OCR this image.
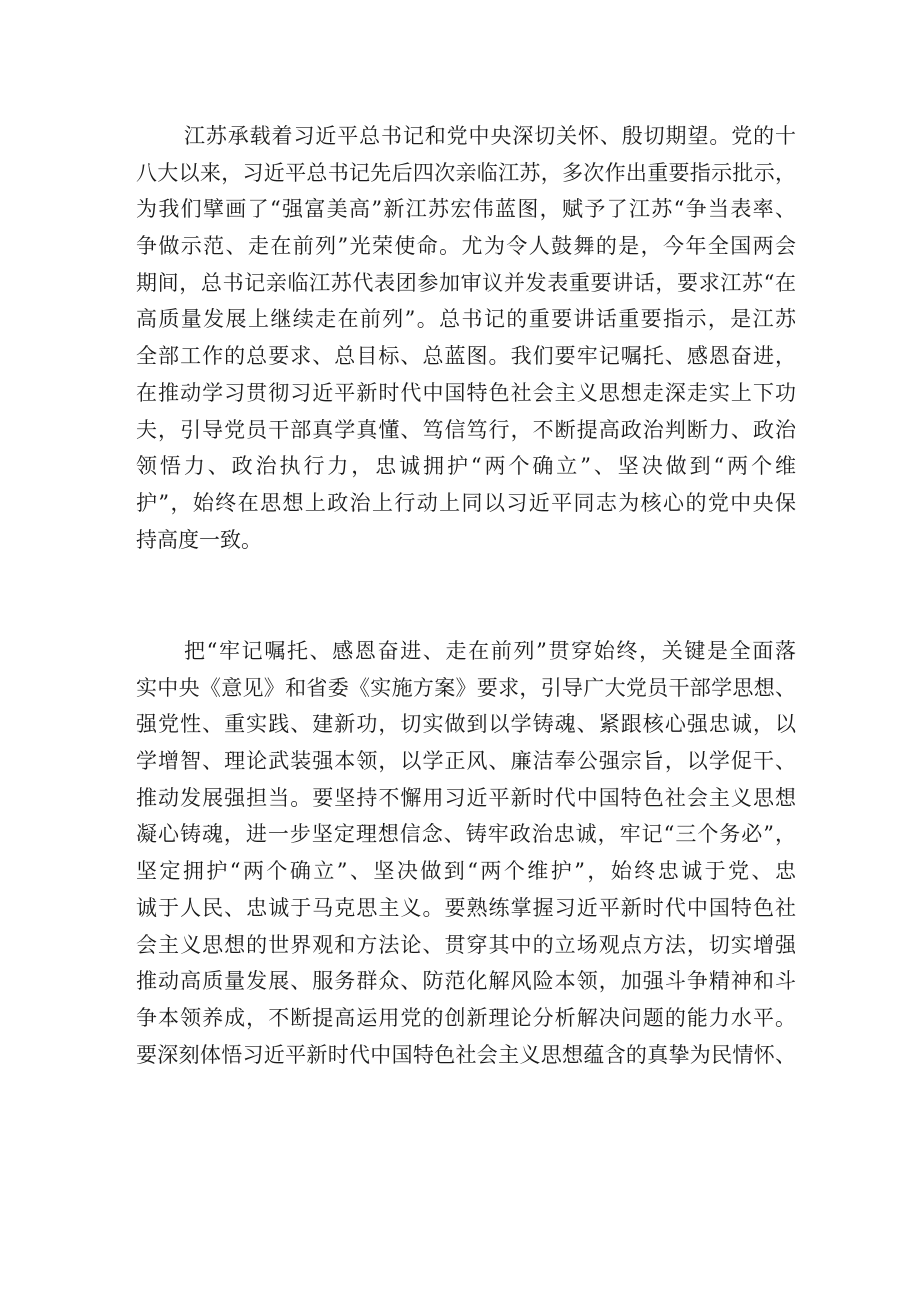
江苏承载着习近平总书记和党中央深切关怀、殷切期望。党的十
八大以来，习近平总书记先后四次亲临江苏，多次作出重要指示批示，
为我们擘画了“强富美高”新江苏宏伟蓝图，赋予了江苏“争当表率、
争做示范、走在前列”光荣使命。尤为令人鼓舞的是，今年全国两会
期间，总书记亲临江苏代表团参加审议并发表重要讲话，要求江苏“在
高质量发展上继续走在前列”。总书记的重要讲话重要指示，是江苏
全部工作的总要求、总目标、总蓝图。我们要牢记嘱托、感恩奋进，
在推动学习贯彻习近平新时代中国特色社会主义思想走深走实上下功
夫，引导党员干部真学真懂、笃信笃行，不断提高政治判断力、政治
领悟力、政治执行力，忠诚拥护“两个确立”、坚决做到“两个维
护”，始终在思想上政治上行动上同以习近平同志为核心的党中央保
持高度一致。
把“牢记嘱托、感恩奋进、走在前列”贯穿始终，关键是全面落
实中央《意见》和省委《实施方案》要求，引导广大党员干部学思想、
强党性、重实践、建新功，切实做到以学铸魂、紧跟核心强忠诚，以
学增智、理论武装强本领，以学正风、廉洁奉公强宗旨，以学促干、
推动发展强担当。要坚持不懈用习近平新时代中国特色社会主义思想
凝心铸魂，进一步坚定理想信念、铸牢政治忠诚，牢记“三个务必”，
坚定拥护“两个确立”、坚决做到“两个维护”，始终忠诚于党、忠
诚于人民、忠诚于马克思主义。要熟练掌握习近平新时代中国特色社
会主义思想的世界观和方法论、贯穿其中的立场观点方法，切实增强
推动高质量发展、服务群众、防范化解风险本领，加强斗争精神和斗
争本领养成，不断提高运用党的创新理论分析解决问题的能力水平。
要深刻体悟习近平新时代中国特色社会主义思想蕴含的真挚为民情怀、
